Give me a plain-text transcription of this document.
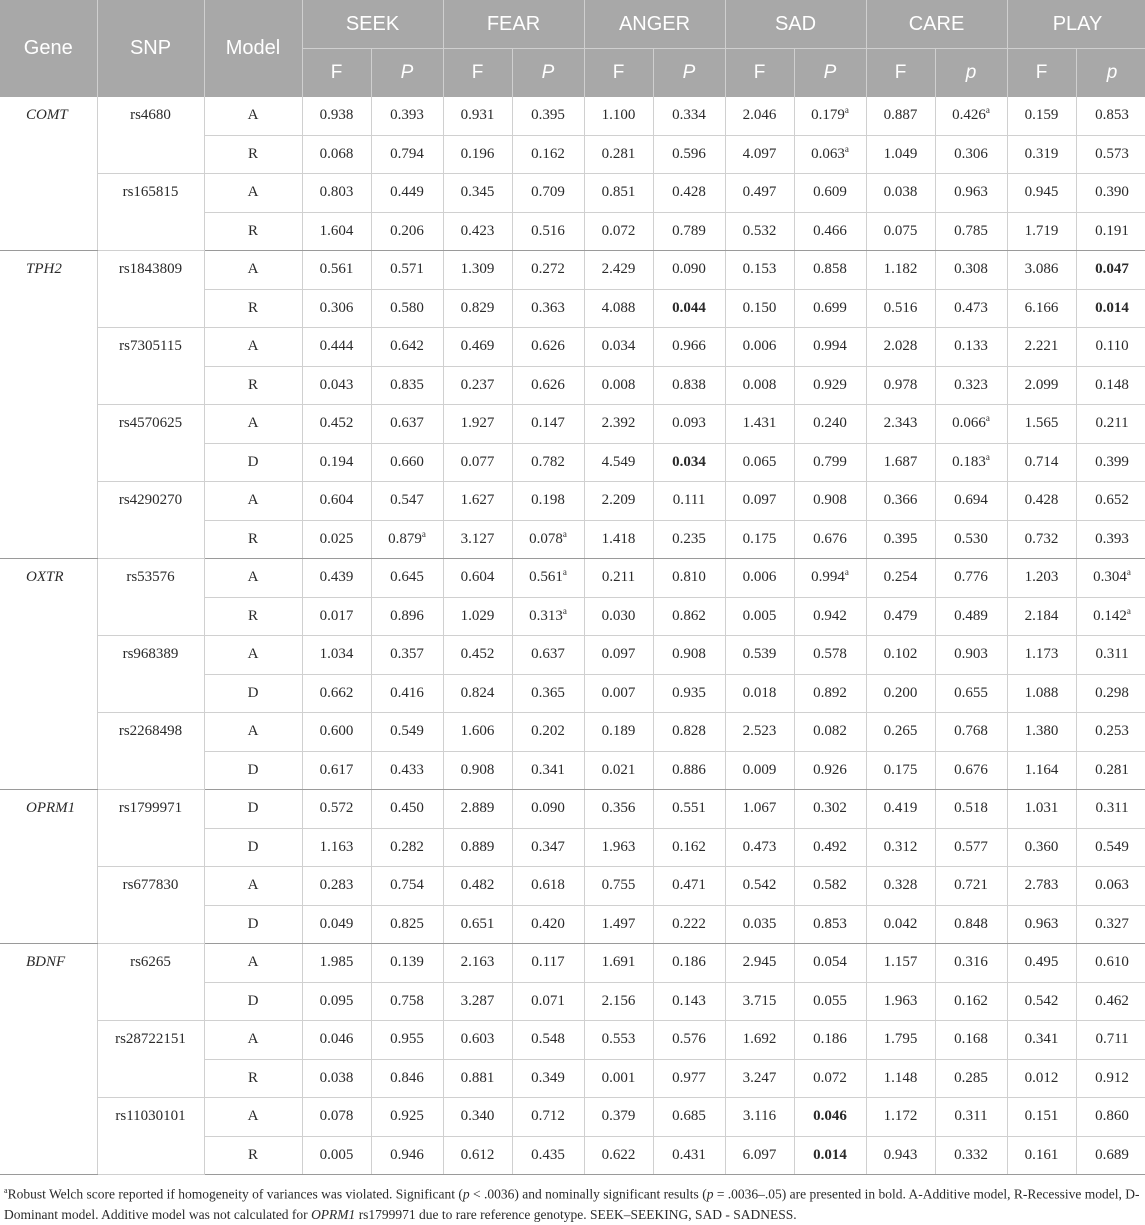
Gene	SNP	Model	SEEK		FEAR		ANGER		SAD		CARE		PLAY	
			F	P	F	P	F	P	F	P	F	p	F	p
COMT	rs4680	A	0.938	0.393	0.931	0.395	1.100	0.334	2.046	0.179$^a$	0.887	0.426$^a$	0.159	0.853
		R	0.068	0.794	0.196	0.162	0.281	0.596	4.097	0.063$^a$	1.049	0.306	0.319	0.573
	rs165815	A	0.803	0.449	0.345	0.709	0.851	0.428	0.497	0.609	0.038	0.963	0.945	0.390
		R	1.604	0.206	0.423	0.516	0.072	0.789	0.532	0.466	0.075	0.785	1.719	0.191
TPH2	rs1843809	A	0.561	0.571	1.309	0.272	2.429	0.090	0.153	0.858	1.182	0.308	3.086	0.047
		R	0.306	0.580	0.829	0.363	4.088	0.044	0.150	0.699	0.516	0.473	6.166	0.014
	rs7305115	A	0.444	0.642	0.469	0.626	0.034	0.966	0.006	0.994	2.028	0.133	2.221	0.110
		R	0.043	0.835	0.237	0.626	0.008	0.838	0.008	0.929	0.978	0.323	2.099	0.148
	rs4570625	A	0.452	0.637	1.927	0.147	2.392	0.093	1.431	0.240	2.343	0.066$^a$	1.565	0.211
		D	0.194	0.660	0.077	0.782	4.549	0.034	0.065	0.799	1.687	0.183$^a$	0.714	0.399
	rs4290270	A	0.604	0.547	1.627	0.198	2.209	0.111	0.097	0.908	0.366	0.694	0.428	0.652
		R	0.025	0.879$^a$	3.127	0.078$^a$	1.418	0.235	0.175	0.676	0.395	0.530	0.732	0.393
OXTR	rs53576	A	0.439	0.645	0.604	0.561$^a$	0.211	0.810	0.006	0.994$^a$	0.254	0.776	1.203	0.304$^a$
		R	0.017	0.896	1.029	0.313$^a$	0.030	0.862	0.005	0.942	0.479	0.489	2.184	0.142$^a$
	rs968389	A	1.034	0.357	0.452	0.637	0.097	0.908	0.539	0.578	0.102	0.903	1.173	0.311
		D	0.662	0.416	0.824	0.365	0.007	0.935	0.018	0.892	0.200	0.655	1.088	0.298
	rs2268498	A	0.600	0.549	1.606	0.202	0.189	0.828	2.523	0.082	0.265	0.768	1.380	0.253
		D	0.617	0.433	0.908	0.341	0.021	0.886	0.009	0.926	0.175	0.676	1.164	0.281
OPRM1	rs1799971	D	0.572	0.450	2.889	0.090	0.356	0.551	1.067	0.302	0.419	0.518	1.031	0.311
		D	1.163	0.282	0.889	0.347	1.963	0.162	0.473	0.492	0.312	0.577	0.360	0.549
	rs677830	A	0.283	0.754	0.482	0.618	0.755	0.471	0.542	0.582	0.328	0.721	2.783	0.063
		D	0.049	0.825	0.651	0.420	1.497	0.222	0.035	0.853	0.042	0.848	0.963	0.327
BDNF	rs6265	A	1.985	0.139	2.163	0.117	1.691	0.186	2.945	0.054	1.157	0.316	0.495	0.610
		D	0.095	0.758	3.287	0.071	2.156	0.143	3.715	0.055	1.963	0.162	0.542	0.462
	rs28722151	A	0.046	0.955	0.603	0.548	0.553	0.576	1.692	0.186	1.795	0.168	0.341	0.711
		R	0.038	0.846	0.881	0.349	0.001	0.977	3.247	0.072	1.148	0.285	0.012	0.912
	rs11030101	A	0.078	0.925	0.340	0.712	0.379	0.685	3.116	0.046	1.172	0.311	0.151	0.860
		R	0.005	0.946	0.612	0.435	0.622	0.431	6.097	0.014	0.943	0.332	0.161	0.689
$^a$Robust Welch score reported if homogeneity of variances was violated. Significant (p < .0036) and nominally significant results (p = .0036–.05) are presented in bold. A-Additive model, R-Recessive model, D-Dominant model. Additive model was not calculated for OPRM1 rs1799971 due to rare reference genotype. SEEK–SEEKING, SAD - SADNESS.
